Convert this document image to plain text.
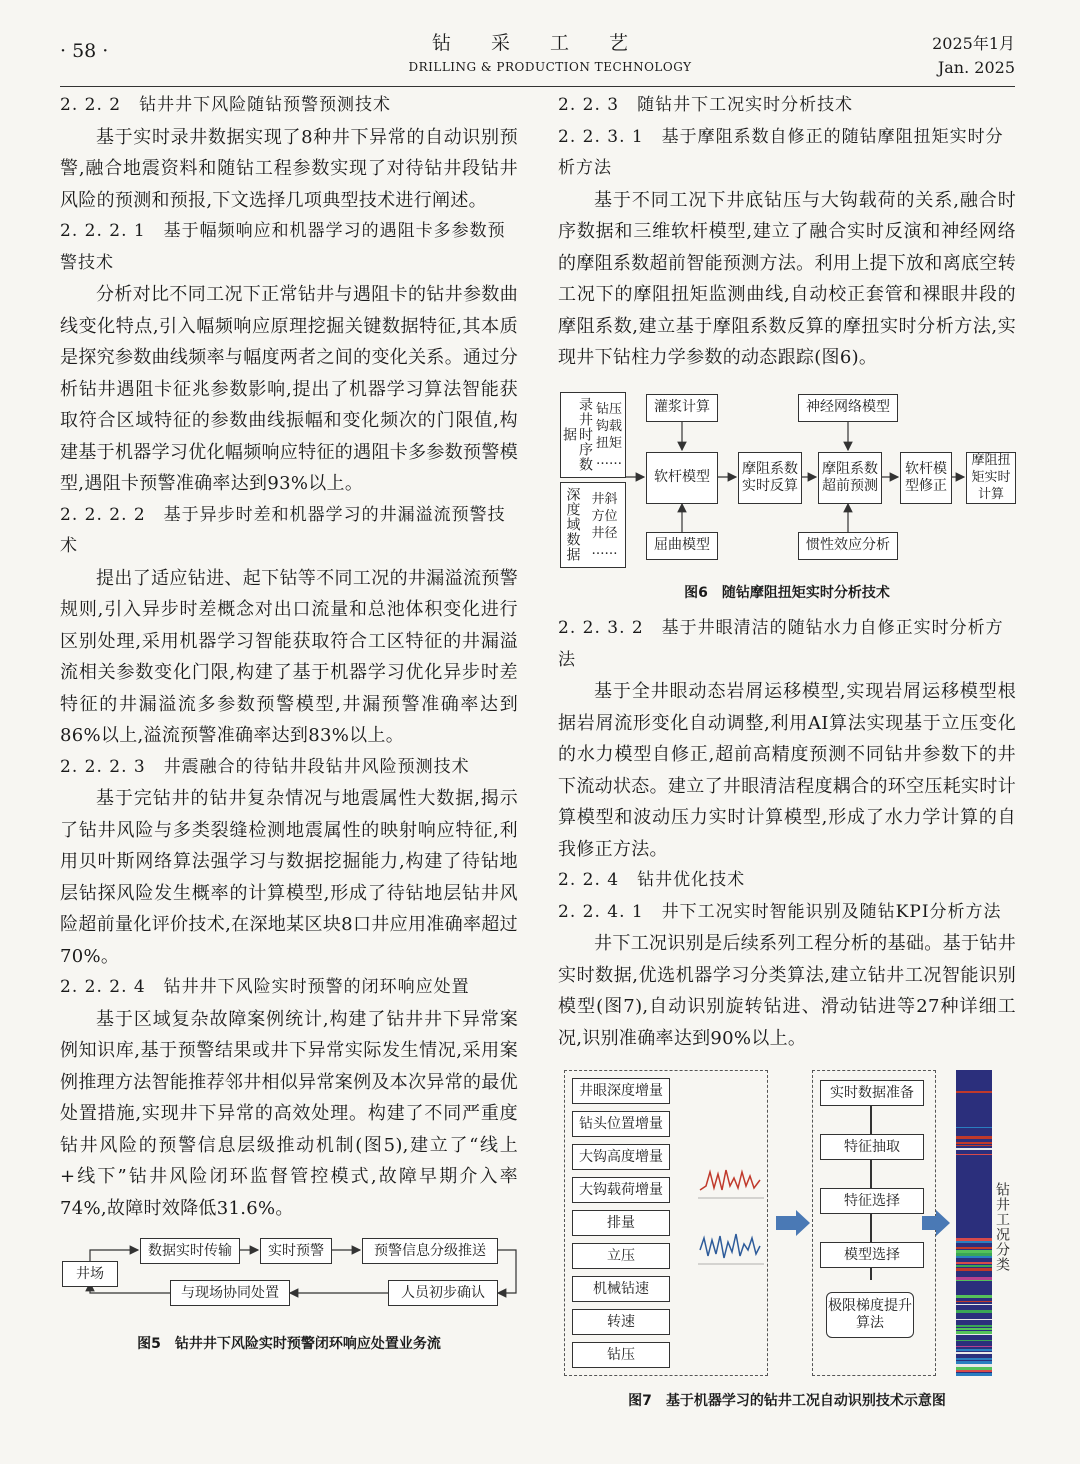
· 58 ·	钻采工艺
DRILLING & PRODUCTION TECHNOLOGY
2025年1月
Jan. 2025

2. 2. 2　钻井井下风险随钻预警预测技术

基于实时录井数据实现了8种井下异常的自动识别预警,融合地震资料和随钻工程参数实现了对待钻井段钻井风险的预测和预报,下文选择几项典型技术进行阐述。

2. 2. 2. 1　基于幅频响应和机器学习的遇阻卡多参数预警技术

分析对比不同工况下正常钻井与遇阻卡的钻井参数曲线变化特点,引入幅频响应原理挖掘关键数据特征,其本质是探究参数曲线频率与幅度两者之间的变化关系。通过分析钻井遇阻卡征兆参数影响,提出了机器学习算法智能获取符合区域特征的参数曲线振幅和变化频次的门限值,构建基于机器学习优化幅频响应特征的遇阻卡多参数预警模型,遇阻卡预警准确率达到93%以上。

2. 2. 2. 2　基于异步时差和机器学习的井漏溢流预警技术

提出了适应钻进、起下钻等不同工况的井漏溢流预警规则,引入异步时差概念对出口流量和总池体积变化进行区别处理,采用机器学习智能获取符合工区特征的井漏溢流相关参数变化门限,构建了基于机器学习优化异步时差特征的井漏溢流多参数预警模型,井漏预警准确率达到86%以上,溢流预警准确率达到83%以上。

2. 2. 2. 3　井震融合的待钻井段钻井风险预测技术

基于完钻井的钻井复杂情况与地震属性大数据,揭示了钻井风险与多类裂缝检测地震属性的映射响应特征,利用贝叶斯网络算法强学习与数据挖掘能力,构建了待钻地层钻探风险发生概率的计算模型,形成了待钻地层钻井风险超前量化评价技术,在深地某区块8口井应用准确率超过70%。

2. 2. 2. 4　钻井井下风险实时预警的闭环响应处置

基于区域复杂故障案例统计,构建了钻井井下异常案例知识库,基于预警结果或井下异常实际发生情况,采用案例推理方法智能推荐邻井相似异常案例及本次异常的最优处置措施,实现井下异常的高效处理。构建了不同严重度钻井风险的预警信息层级推动机制(图5),建立了“线上+线下”钻井风险闭环监督管控模式,故障早期介入率74%,故障时效降低31.6%。

井场
数据实时传输	实时预警	预警信息分级推送
人员初步确认
与现场协同处置

图5　钻井井下风险实时预警闭环响应处置业务流

2. 2. 3　随钻井下工况实时分析技术

2. 2. 3. 1　基于摩阻系数自修正的随钻摩阻扭矩实时分析方法

基于不同工况下井底钻压与大钩载荷的关系,融合时序数据和三维软杆模型,建立了融合实时反演和神经网络的摩阻系数超前智能预测方法。利用上提下放和离底空转工况下的摩阻扭矩监测曲线,自动校正套管和裸眼井段的摩阻系数,建立基于摩阻系数反算的摩扭实时分析方法,实现井下钻柱力学参数的动态跟踪(图6)。

录井时序数据
钻压 钩载 扭矩 ……
深度域数据 井斜 方位 井径 ……
灌浆计算
软杆模型
屈曲模型
摩阻系数实时反算
神经网络模型
摩阻系数超前预测
惯性效应分析
软杆模型修正
摩阻扭矩实时计算

图6　随钻摩阻扭矩实时分析技术

2. 2. 3. 2　基于井眼清洁的随钻水力自修正实时分析方法

基于全井眼动态岩屑运移模型,实现岩屑运移模型根据岩屑流形变化自动调整,利用AI算法实现基于立压变化的水力模型自修正,超前高精度预测不同钻井参数下的井下流动状态。建立了井眼清洁程度耦合的环空压耗实时计算模型和波动压力实时计算模型,形成了水力学计算的自我修正方法。

2. 2. 4　钻井优化技术

2. 2. 4. 1　井下工况实时智能识别及随钻KPI分析方法

井下工况识别是后续系列工程分析的基础。基于钻井实时数据,优选机器学习分类算法,建立钻井工况智能识别模型(图7),自动识别旋转钻进、滑动钻进等27种详细工况,识别准确率达到90%以上。

井眼深度增量
钻头位置增量
大钩高度增量
大钩载荷增量
排量
立压
机械钻速
转速
钻压
实时数据准备
特征抽取
特征选择
模型选择
极限梯度提升算法
钻井工况分类

图7　基于机器学习的钻井工况自动识别技术示意图
